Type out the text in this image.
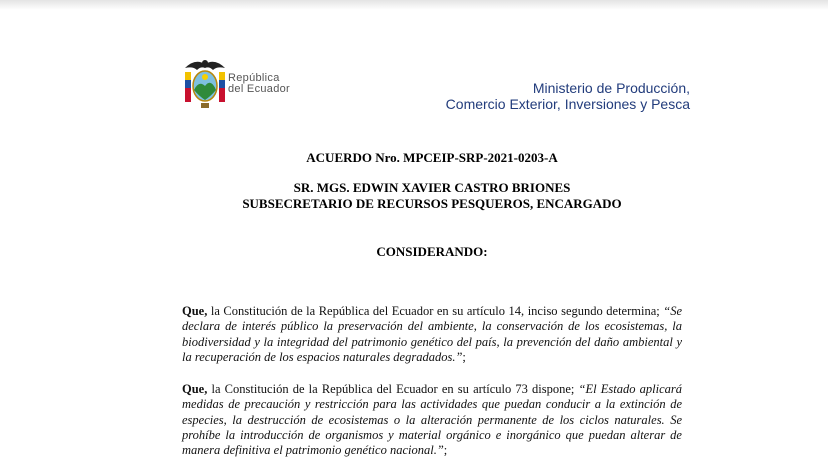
República
del Ecuador	Ministerio de Producción,
Comercio Exterior, Inversiones y Pesca
ACUERDO Nro. MPCEIP-SRP-2021-0203-A
SR. MGS. EDWIN XAVIER CASTRO BRIONES
SUBSECRETARIO DE RECURSOS PESQUEROS, ENCARGADO
CONSIDERANDO:
Que, la Constitución de la República del Ecuador en su artículo 14, inciso segundo determina; “Se declara de interés público la preservación del ambiente, la conservación de los ecosistemas, la biodiversidad y la integridad del patrimonio genético del país, la prevención del daño ambiental y la recuperación de los espacios naturales degradados.”;
Que, la Constitución de la República del Ecuador en su artículo 73 dispone; “El Estado aplicará medidas de precaución y restricción para las actividades que puedan conducir a la extinción de especies, la destrucción de ecosistemas o la alteración permanente de los ciclos naturales. Se prohíbe la introducción de organismos y material orgánico e inorgánico que puedan alterar de manera definitiva el patrimonio genético nacional.”;
